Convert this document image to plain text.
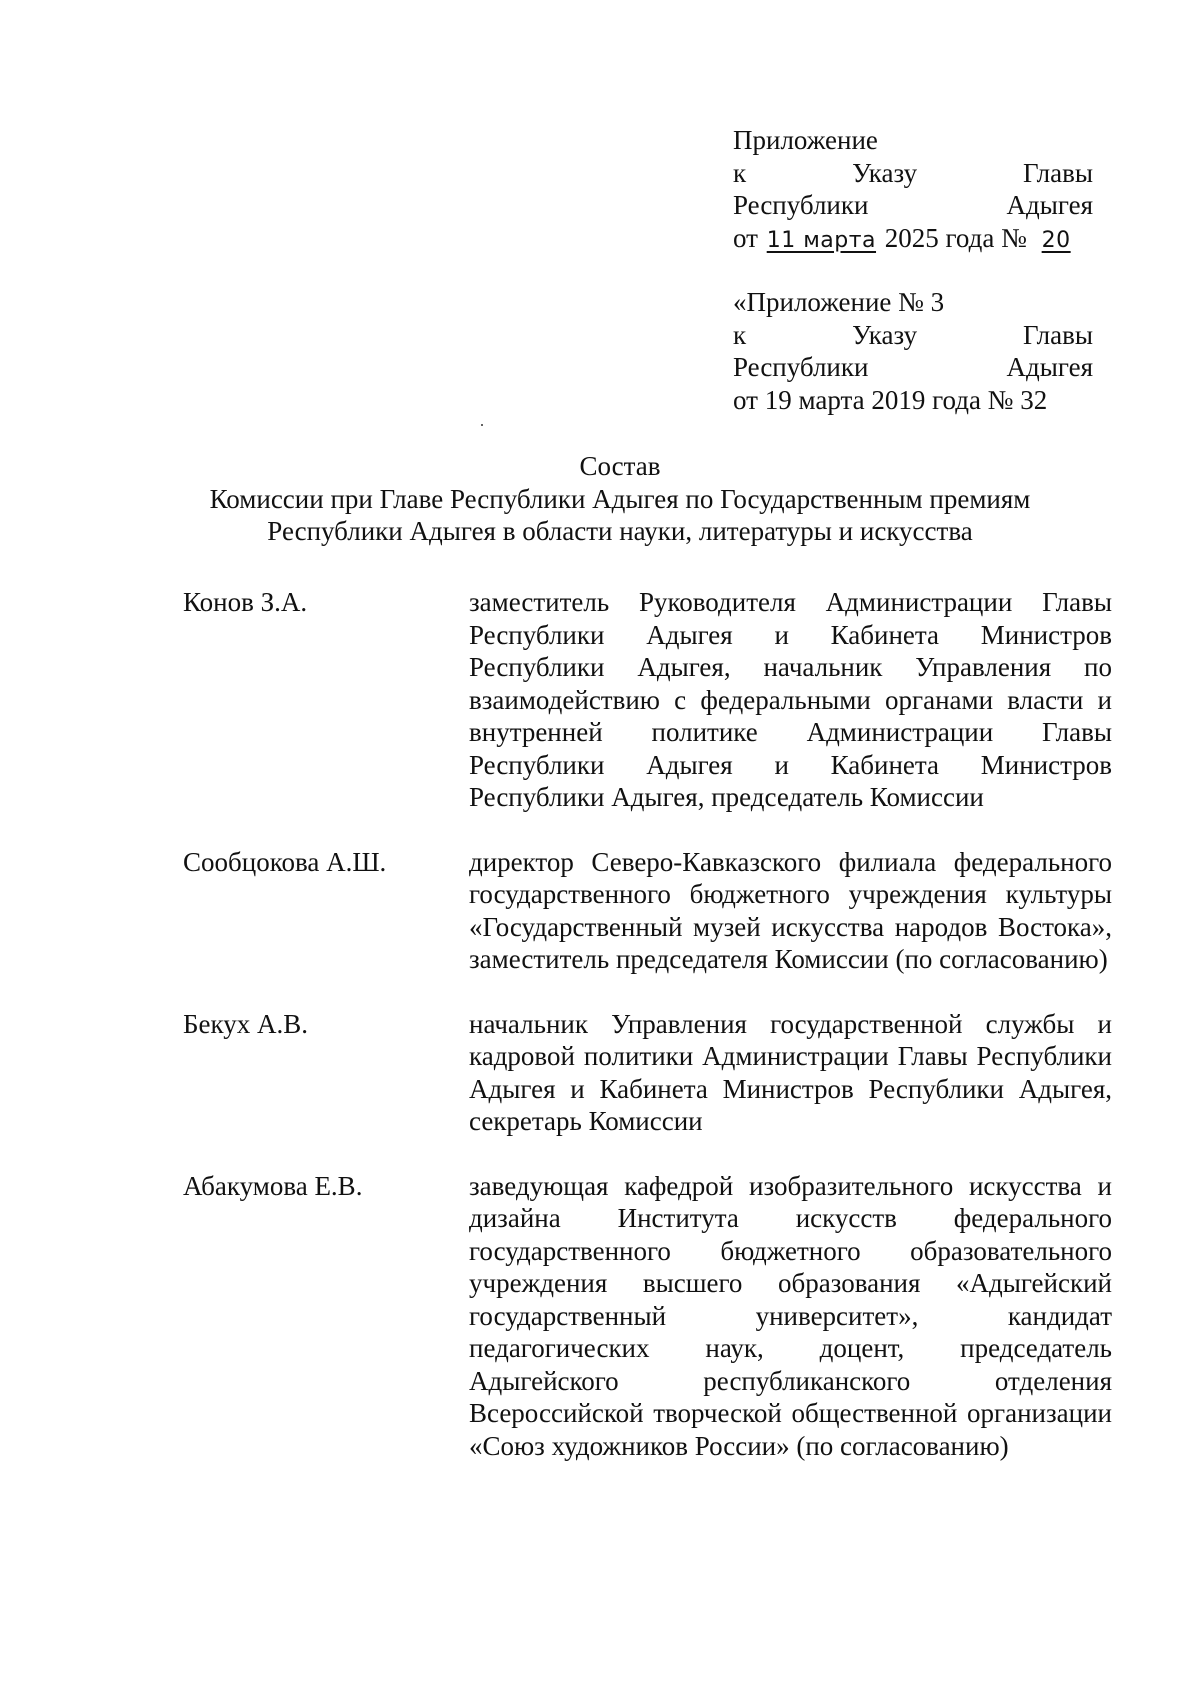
Приложение
к	Указу	Главы
Республики	Адыгея
от 11 марта 2025 года № 20
«Приложение № 3
к	Указу	Главы
Республики	Адыгея
от 19 марта 2019 года № 32
Состав
Комиссии при Главе Республики Адыгея по Государственным премиям
Республики Адыгея в области науки, литературы и искусства
Конов З.А.	заместитель Руководителя Администрации Главы Республики Адыгея и Кабинета Министров Республики Адыгея, начальник Управления по взаимодействию с федеральными органами власти и внутренней политике Администрации Главы Республики Адыгея и Кабинета Министров Республики Адыгея, председатель Комиссии
Сообцокова А.Ш.	директор Северо-Кавказского филиала федерального государственного бюджетного учреждения культуры «Государственный музей искусства народов Востока», заместитель председателя Комиссии (по согласованию)
Бекух А.В.	начальник Управления государственной службы и кадровой политики Администрации Главы Республики Адыгея и Кабинета Министров Республики Адыгея, секретарь Комиссии
Абакумова Е.В.	заведующая кафедрой изобразительного искусства и дизайна Института искусств федерального государственного бюджетного образовательного учреждения высшего образования «Адыгейский государственный университет», кандидат педагогических наук, доцент, председатель Адыгейского республиканского отделения Всероссийской творческой общественной организации «Союз художников России» (по согласованию)
